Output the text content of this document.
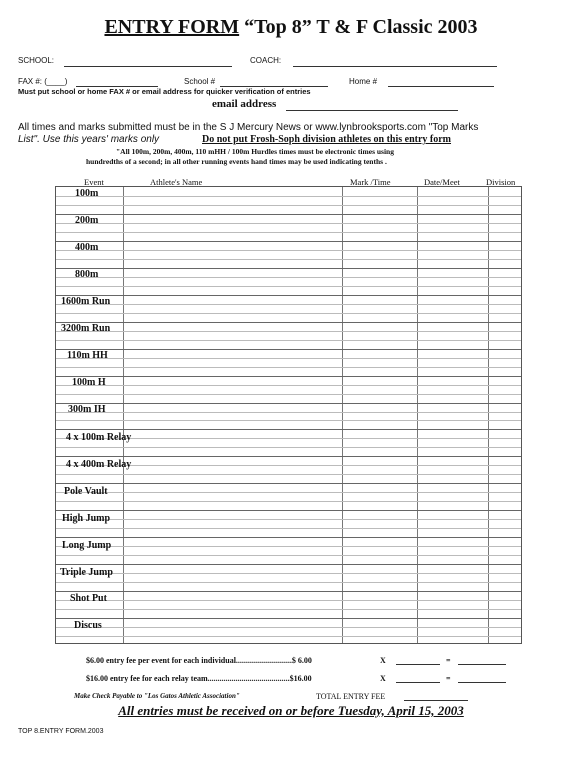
ENTRY FORM “Top 8” T & F Classic 2003
SCHOOL:	COACH:
FAX #: (____)	School #	Home #
Must put school or home FAX # or email address for quicker verification of entries
email address
All times and marks submitted must be in the S J Mercury News or www.lynbrooksports.com "Top Marks
List". Use this years' marks only	Do not put Frosh-Soph division athletes on this entry form
"All 100m, 200m, 400m, 110 mHH / 100m Hurdles times must be electronic times using
hundredths of a second; in all other running events hand times may be used indicating tenths .
Event	Athlete's Name	Mark /Time	Date/Meet	Division
100m
200m
400m
800m
1600m Run
3200m Run
110m HH
100m H
300m IH
4 x 100m Relay
4 x 400m Relay
Pole Vault
High Jump
Long Jump
Triple Jump
Shot Put
Discus
$6.00 entry fee per event for each individual............................$ 6.00	X	=
$16.00 entry fee for each relay team.........................................$16.00	X	=
Make Check Payable to "Los Gatos Athletic Association"	TOTAL ENTRY FEE
All entries must be received on or before Tuesday, April 15, 2003
TOP 8.ENTRY FORM.2003
